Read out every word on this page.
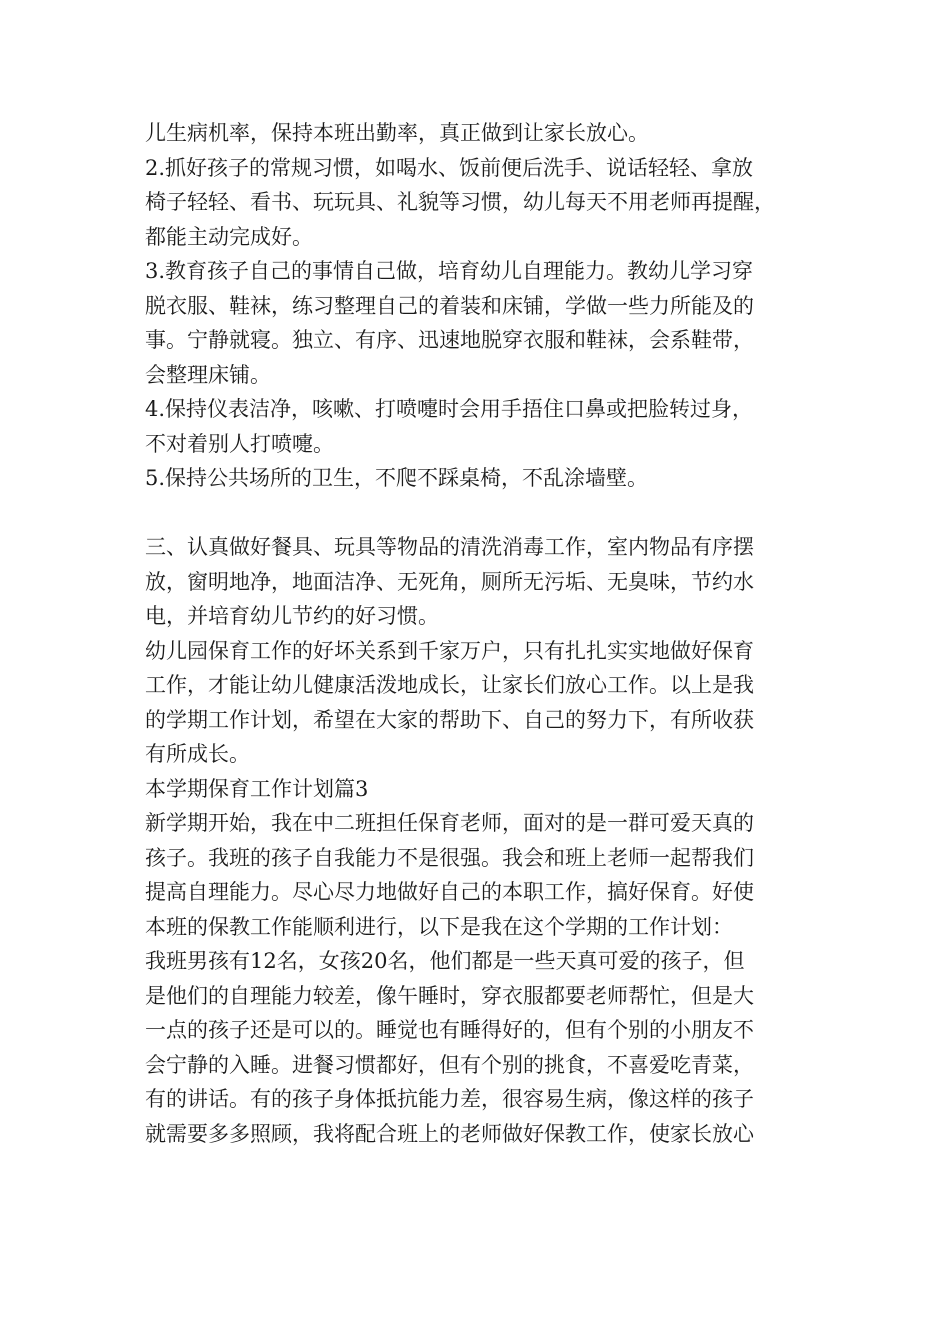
儿生病机率，保持本班出勤率，真正做到让家长放心。
2.抓好孩子的常规习惯，如喝水、饭前便后洗手、说话轻轻、拿放
椅子轻轻、看书、玩玩具、礼貌等习惯，幼儿每天不用老师再提醒，
都能主动完成好。
3.教育孩子自己的事情自己做，培育幼儿自理能力。教幼儿学习穿
脱衣服、鞋袜，练习整理自己的着装和床铺，学做一些力所能及的
事。宁静就寝。独立、有序、迅速地脱穿衣服和鞋袜，会系鞋带，
会整理床铺。
4.保持仪表洁净，咳嗽、打喷嚏时会用手捂住口鼻或把脸转过身，
不对着别人打喷嚏。
5.保持公共场所的卫生，不爬不踩桌椅，不乱涂墙壁。
三、认真做好餐具、玩具等物品的清洗消毒工作，室内物品有序摆
放，窗明地净，地面洁净、无死角，厕所无污垢、无臭味，节约水
电，并培育幼儿节约的好习惯。
幼儿园保育工作的好坏关系到千家万户，只有扎扎实实地做好保育
工作，才能让幼儿健康活泼地成长，让家长们放心工作。以上是我
的学期工作计划，希望在大家的帮助下、自己的努力下，有所收获
有所成长。
本学期保育工作计划篇3
新学期开始，我在中二班担任保育老师，面对的是一群可爱天真的
孩子。我班的孩子自我能力不是很强。我会和班上老师一起帮我们
提高自理能力。尽心尽力地做好自己的本职工作，搞好保育。好使
本班的保教工作能顺利进行，以下是我在这个学期的工作计划：
我班男孩有12名，女孩20名，他们都是一些天真可爱的孩子，但
是他们的自理能力较差，像午睡时，穿衣服都要老师帮忙，但是大
一点的孩子还是可以的。睡觉也有睡得好的，但有个别的小朋友不
会宁静的入睡。进餐习惯都好，但有个别的挑食，不喜爱吃青菜，
有的讲话。有的孩子身体抵抗能力差，很容易生病，像这样的孩子
就需要多多照顾，我将配合班上的老师做好保教工作，使家长放心
